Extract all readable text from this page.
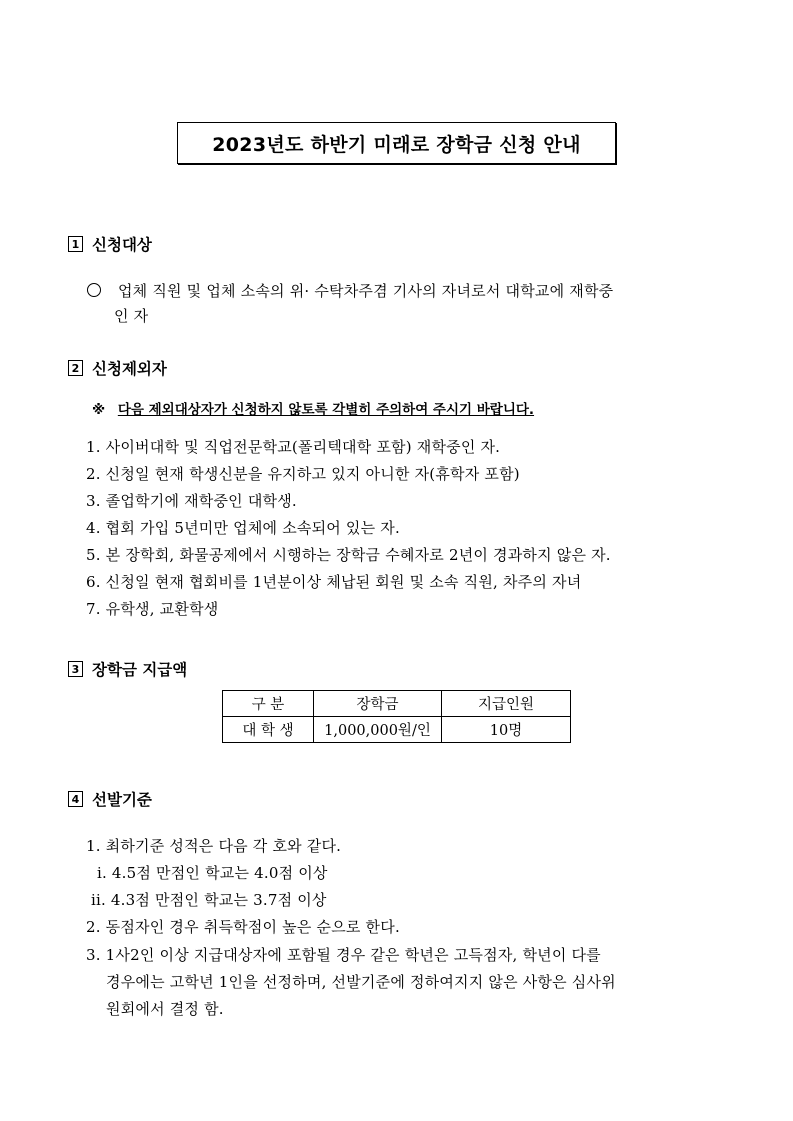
2023년도 하반기 미래로 장학금 신청 안내
1 신청대상
업체 직원 및 업체 소속의 위· 수탁차주겸 기사의 자녀로서 대학교에 재학중
인 자
2 신청제외자
※ 다음 제외대상자가 신청하지 않토록 각별히 주의하여 주시기 바랍니다.
1. 사이버대학 및 직업전문학교(폴리텍대학 포함) 재학중인 자.
2. 신청일 현재 학생신분을 유지하고 있지 아니한 자(휴학자 포함)
3. 졸업학기에 재학중인 대학생.
4. 협회 가입 5년미만 업체에 소속되어 있는 자.
5. 본 장학회, 화물공제에서 시행하는 장학금 수혜자로 2년이 경과하지 않은 자.
6. 신청일 현재 협회비를 1년분이상 체납된 회원 및 소속 직원, 차주의 자녀
7. 유학생, 교환학생
3 장학금 지급액
구 분	장학금	지급인원
대 학 생	1,000,000원/인	10명
4 선발기준
1. 최하기준 성적은 다음 각 호와 같다.
i. 4.5점 만점인 학교는 4.0점 이상
ii. 4.3점 만점인 학교는 3.7점 이상
2. 동점자인 경우 취득학점이 높은 순으로 한다.
3. 1사2인 이상 지급대상자에 포함될 경우 같은 학년은 고득점자, 학년이 다를
경우에는 고학년 1인을 선정하며, 선발기준에 정하여지지 않은 사항은 심사위
원회에서 결정 함.
